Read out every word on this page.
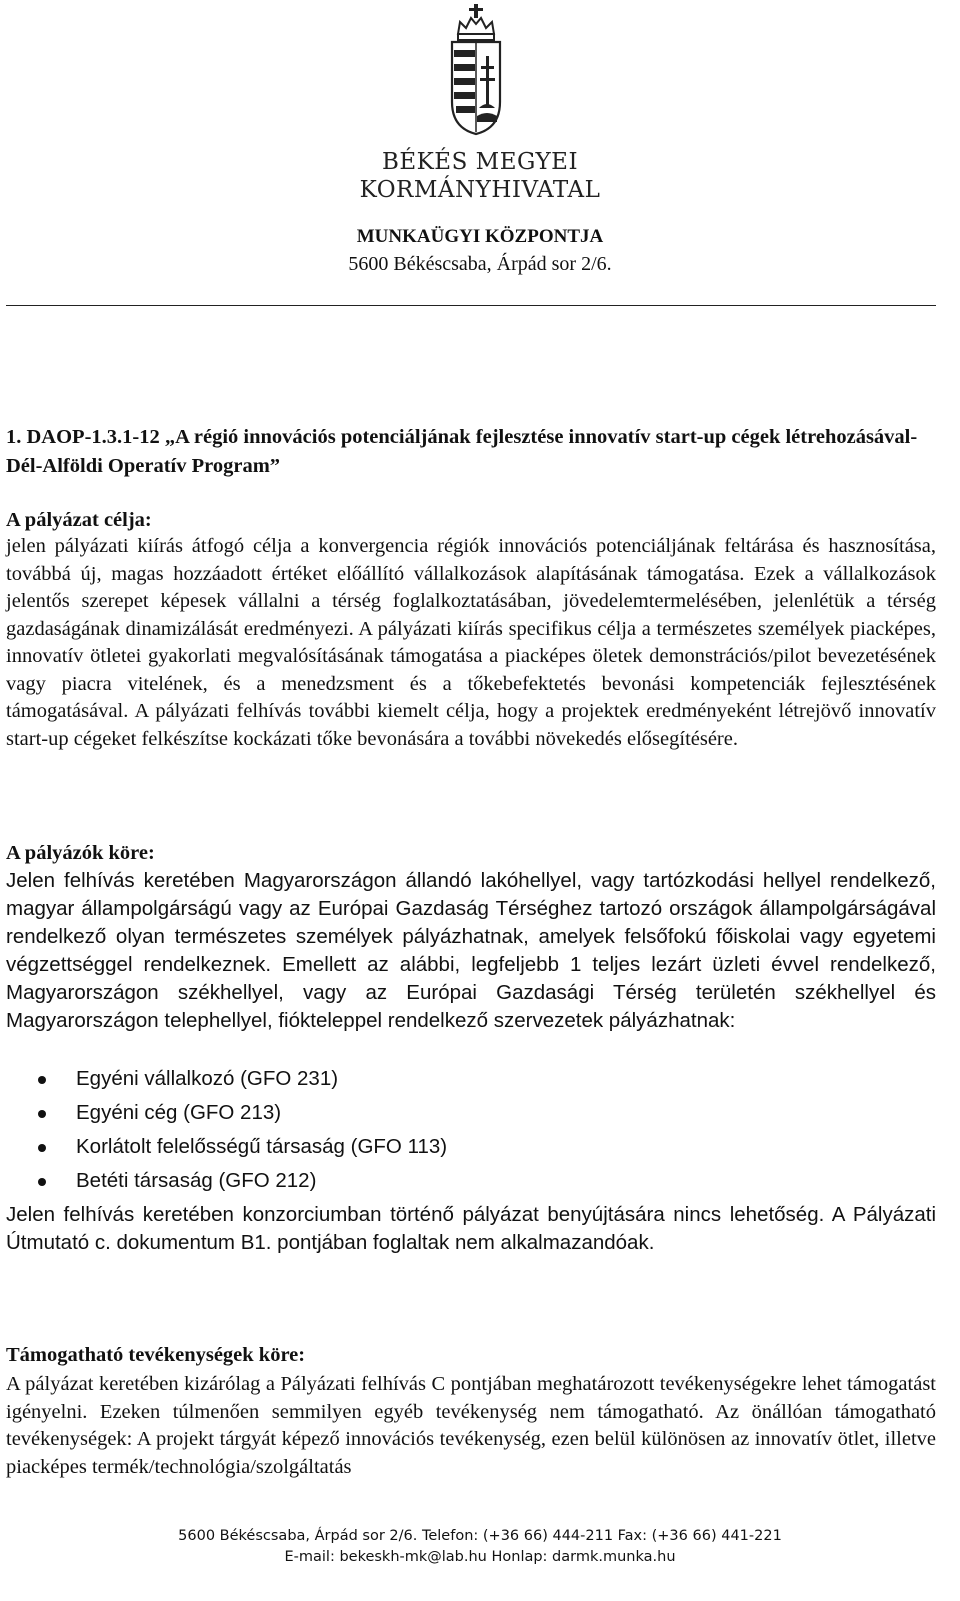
BÉKÉS MEGYEI
KORMÁNYHIVATAL
MUNKAÜGYI KÖZPONTJA
5600 Békéscsaba, Árpád sor 2/6.
1. DAOP-1.3.1-12 „A régió innovációs potenciáljának fejlesztése innovatív start-up cégek létrehozásával-Dél-Alföldi Operatív Program”
A pályázat célja:
jelen pályázati kiírás átfogó célja a konvergencia régiók innovációs potenciáljának feltárása és hasznosítása, továbbá új, magas hozzáadott értéket előállító vállalkozások alapításának támogatása. Ezek a vállalkozások jelentős szerepet képesek vállalni a térség foglalkoztatásában, jövedelemtermelésében, jelenlétük a térség gazdaságának dinamizálását eredményezi. A pályázati kiírás specifikus célja a természetes személyek piacképes, innovatív ötletei gyakorlati megvalósításának támogatása a piacképes öletek demonstrációs/pilot bevezetésének vagy piacra vitelének, és a menedzsment és a tőkebefektetés bevonási kompetenciák fejlesztésének támogatásával. A pályázati felhívás további kiemelt célja, hogy a projektek eredményeként létrejövő innovatív start-up cégeket felkészítse kockázati tőke bevonására a további növekedés elősegítésére.
A pályázók köre:
Jelen felhívás keretében Magyarországon állandó lakóhellyel, vagy tartózkodási hellyel rendelkező, magyar állampolgárságú vagy az Európai Gazdaság Térséghez tartozó országok állampolgárságával rendelkező olyan természetes személyek pályázhatnak, amelyek felsőfokú főiskolai vagy egyetemi végzettséggel rendelkeznek. Emellett az alábbi, legfeljebb 1 teljes lezárt üzleti évvel rendelkező, Magyarországon székhellyel, vagy az Európai Gazdasági Térség területén székhellyel és Magyarországon telephellyel, fiókteleppel rendelkező szervezetek pályázhatnak:
Egyéni vállalkozó (GFO 231)
Egyéni cég (GFO 213)
Korlátolt felelősségű társaság (GFO 113)
Betéti társaság (GFO 212)
Jelen felhívás keretében konzorciumban történő pályázat benyújtására nincs lehetőség. A Pályázati Útmutató c. dokumentum B1. pontjában foglaltak nem alkalmazandóak.
Támogatható tevékenységek köre:
A pályázat keretében kizárólag a Pályázati felhívás C pontjában meghatározott tevékenységekre lehet támogatást igényelni. Ezeken túlmenően semmilyen egyéb tevékenység nem támogatható. Az önállóan támogatható tevékenységek: A projekt tárgyát képező innovációs tevékenység, ezen belül különösen az innovatív ötlet, illetve piacképes termék/technológia/szolgáltatás
5600 Békéscsaba, Árpád sor 2/6. Telefon: (+36 66) 444-211 Fax: (+36 66) 441-221
E-mail: bekeskh-mk@lab.hu Honlap: darmk.munka.hu
